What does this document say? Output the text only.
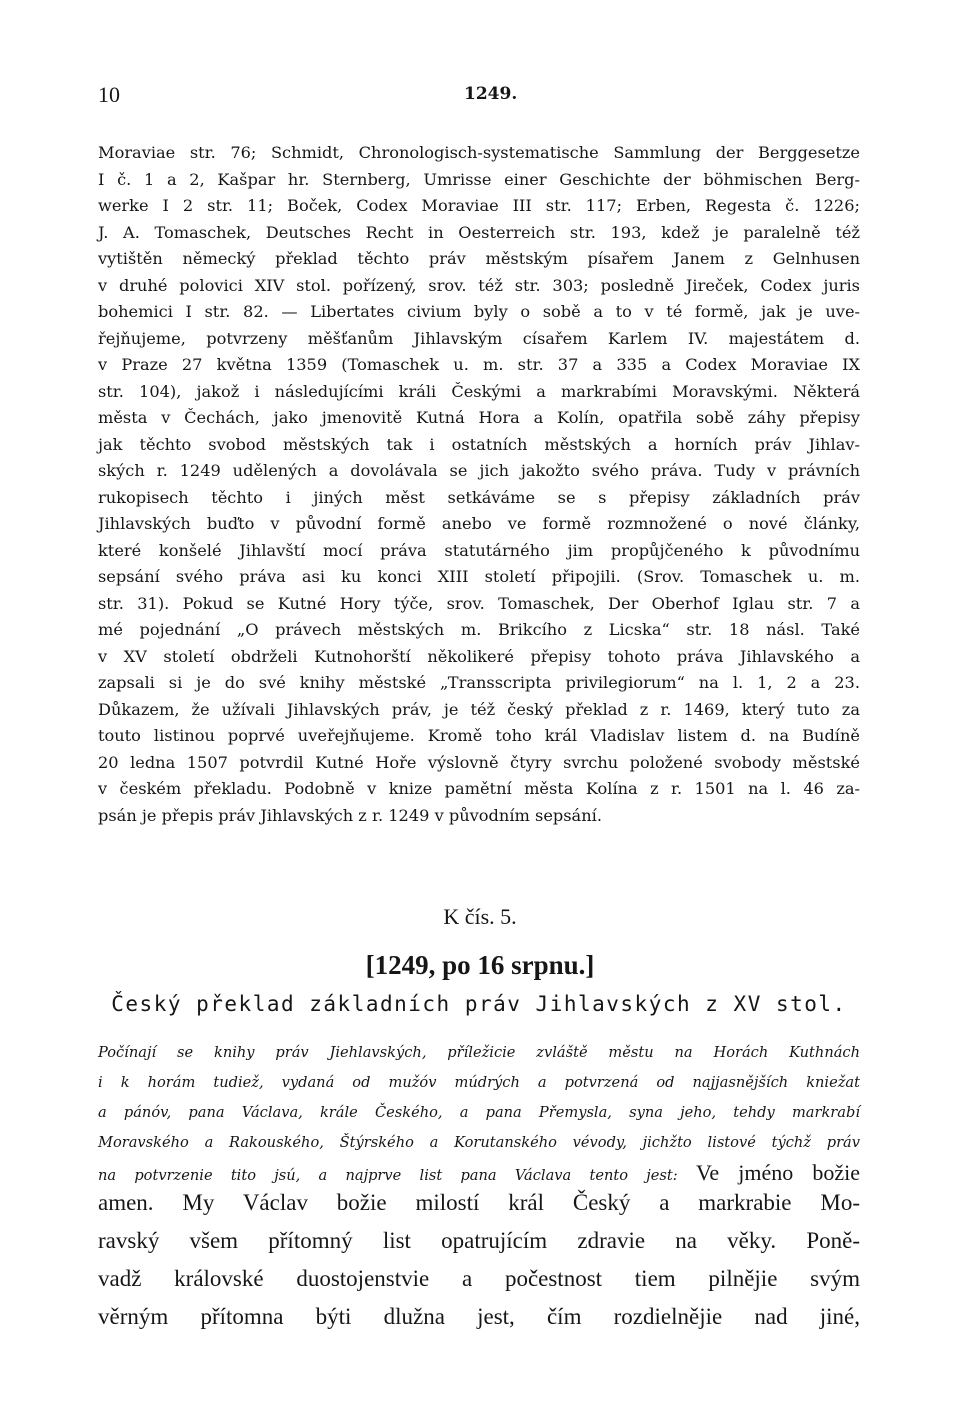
10	1249.
Moraviae str. 76; Schmidt, Chronologisch-systematische Sammlung der Berggesetze
I č. 1 a 2, Kašpar hr. Sternberg, Umrisse einer Geschichte der böhmischen Berg-
werke I 2 str. 11; Boček, Codex Moraviae III str. 117; Erben, Regesta č. 1226;
J. A. Tomaschek, Deutsches Recht in Oesterreich str. 193, kdež je paralelně též
vytištěn německý překlad těchto práv městským písařem Janem z Gelnhusen
v druhé polovici XIV stol. pořízený, srov. též str. 303; posledně Jireček, Codex juris
bohemici I str. 82. — Libertates civium byly o sobě a to v té formě, jak je uve-
řejňujeme, potvrzeny měšťanům Jihlavským císařem Karlem IV. majestátem d.
v Praze 27 května 1359 (Tomaschek u. m. str. 37 a 335 a Codex Moraviae IX
str. 104), jakož i následujícími králi Českými a markrabími Moravskými. Některá
města v Čechách, jako jmenovitě Kutná Hora a Kolín, opatřila sobě záhy přepisy
jak těchto svobod městských tak i ostatních městských a horních práv Jihlav-
ských r. 1249 udělených a dovolávala se jich jakožto svého práva. Tudy v právních
rukopisech těchto i jiných měst setkáváme se s přepisy základních práv
Jihlavských buďto v původní formě anebo ve formě rozmnožené o nové články,
které konšelé Jihlavští mocí práva statutárného jim propůjčeného k původnímu
sepsání svého práva asi ku konci XIII století připojili. (Srov. Tomaschek u. m.
str. 31). Pokud se Kutné Hory týče, srov. Tomaschek, Der Oberhof Iglau str. 7 a
mé pojednání „O právech městských m. Brikcího z Licska“ str. 18 násl. Také
v XV století obdrželi Kutnohorští několikeré přepisy tohoto práva Jihlavského a
zapsali si je do své knihy městské „Transscripta privilegiorum“ na l. 1, 2 a 23.
Důkazem, že užívali Jihlavských práv, je též český překlad z r. 1469, který tuto za
touto listinou poprvé uveřejňujeme. Kromě toho král Vladislav listem d. na Budíně
20 ledna 1507 potvrdil Kutné Hoře výslovně čtyry svrchu položené svobody městské
v českém překladu. Podobně v knize pamětní města Kolína z r. 1501 na l. 46 za-
psán je přepis práv Jihlavských z r. 1249 v původním sepsání.
K čís. 5.
[1249, po 16 srpnu.]
Český překlad základních práv Jihlavských z XV stol.
Počínají se knihy práv Jiehlavských, příležicie zvláště městu na Horách Kuthnách
i k horám tudiež, vydaná od mužóv múdrých a potvrzená od najjasnějších kniežat
a pánóv, pana Václava, krále Českého, a pana Přemysla, syna jeho, tehdy markrabí
Moravského a Rakouského, Štýrského a Korutanského vévody, jichžto listové týchž práv
na potvrzenie tito jsú, a najprve list pana Václava tento jest: Ve jméno božie
amen. My Václav božie milostí král Český a markrabie Mo-
ravský všem přítomný list opatrujícím zdravie na věky. Poně-
vadž královské duostojenstvie a počestnost tiem pilnějie svým
věrným přítomna býti dlužna jest, čím rozdielnějie nad jiné,
